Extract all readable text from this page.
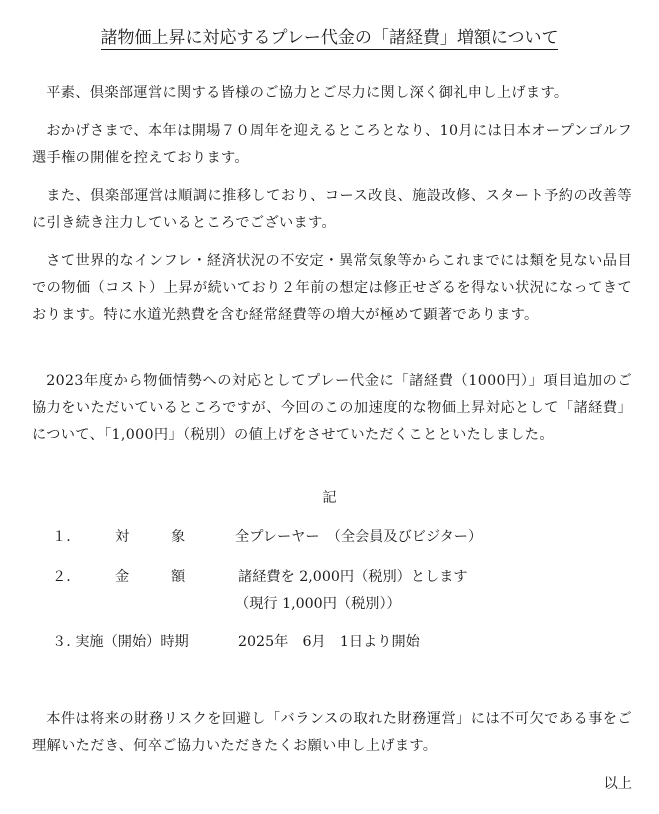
諸物価上昇に対応するプレー代金の「諸経費」増額について

平素、倶楽部運営に関する皆様のご協力とご尽力に関し深く御礼申し上げます。

おかげさまで、本年は開場７０周年を迎えるところとなり、10月には日本オープンゴルフ選手権の開催を控えております。

また、倶楽部運営は順調に推移しており、コース改良、施設改修、スタート予約の改善等に引き続き注力しているところでございます。

さて世界的なインフレ・経済状況の不安定・異常気象等からこれまでには類を見ない品目での物価（コスト）上昇が続いており２年前の想定は修正せざるを得ない状況になってきております。特に水道光熱費を含む経常経費等の増大が極めて顕著であります。

2023年度から物価情勢への対応としてプレー代金に「諸経費（1000円）」項目追加のご協力をいただいているところですが、今回のこの加速度的な物価上昇対応として「諸経費」について、「1,000円」（税別）の値上げをさせていただくことといたしました。

記
１.	対	象	全プレーヤー　（全会員及びビジター）
２.	金	額	諸経費を 2,000円（税別）とします
（現行 1,000円（税別））
３. 実施（開始）時期	2025年　6月　1日より開始

本件は将来の財務リスクを回避し「バランスの取れた財務運営」には不可欠である事をご理解いただき、何卒ご協力いただきたくお願い申し上げます。

以上
